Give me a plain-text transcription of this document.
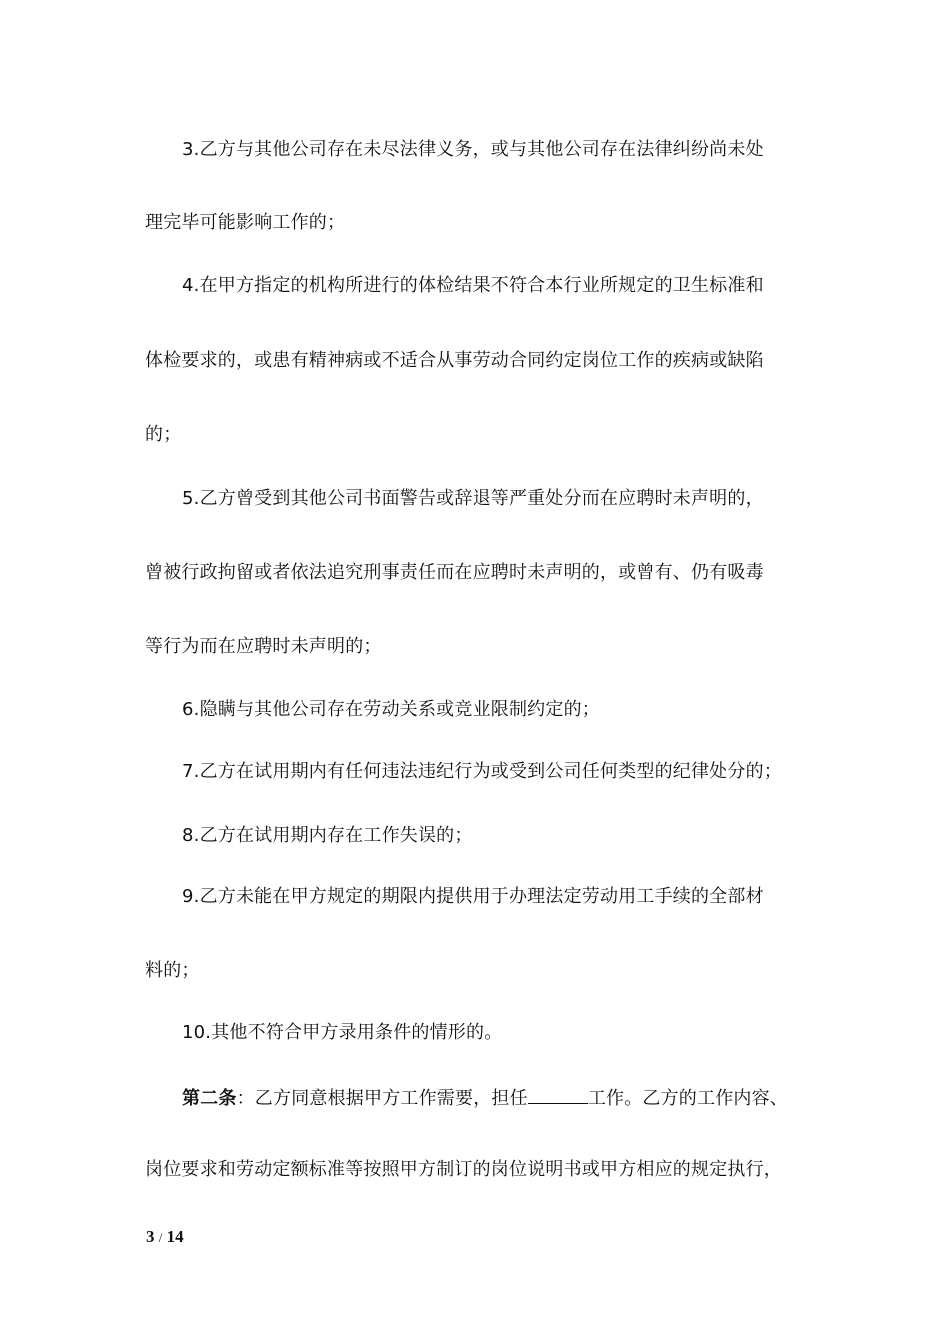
3.乙方与其他公司存在未尽法律义务，或与其他公司存在法律纠纷尚未处
理完毕可能影响工作的；
4.在甲方指定的机构所进行的体检结果不符合本行业所规定的卫生标准和
体检要求的，或患有精神病或不适合从事劳动合同约定岗位工作的疾病或缺陷
的；
5.乙方曾受到其他公司书面警告或辞退等严重处分而在应聘时未声明的，
曾被行政拘留或者依法追究刑事责任而在应聘时未声明的，或曾有、仍有吸毒
等行为而在应聘时未声明的；
6.隐瞒与其他公司存在劳动关系或竞业限制约定的；
7.乙方在试用期内有任何违法违纪行为或受到公司任何类型的纪律处分的；
8.乙方在试用期内存在工作失误的；
9.乙方未能在甲方规定的期限内提供用于办理法定劳动用工手续的全部材
料的；
10.其他不符合甲方录用条件的情形的。
第二条：乙方同意根据甲方工作需要，担任	工作。乙方的工作内容、
岗位要求和劳动定额标准等按照甲方制订的岗位说明书或甲方相应的规定执行，
3 / 14
